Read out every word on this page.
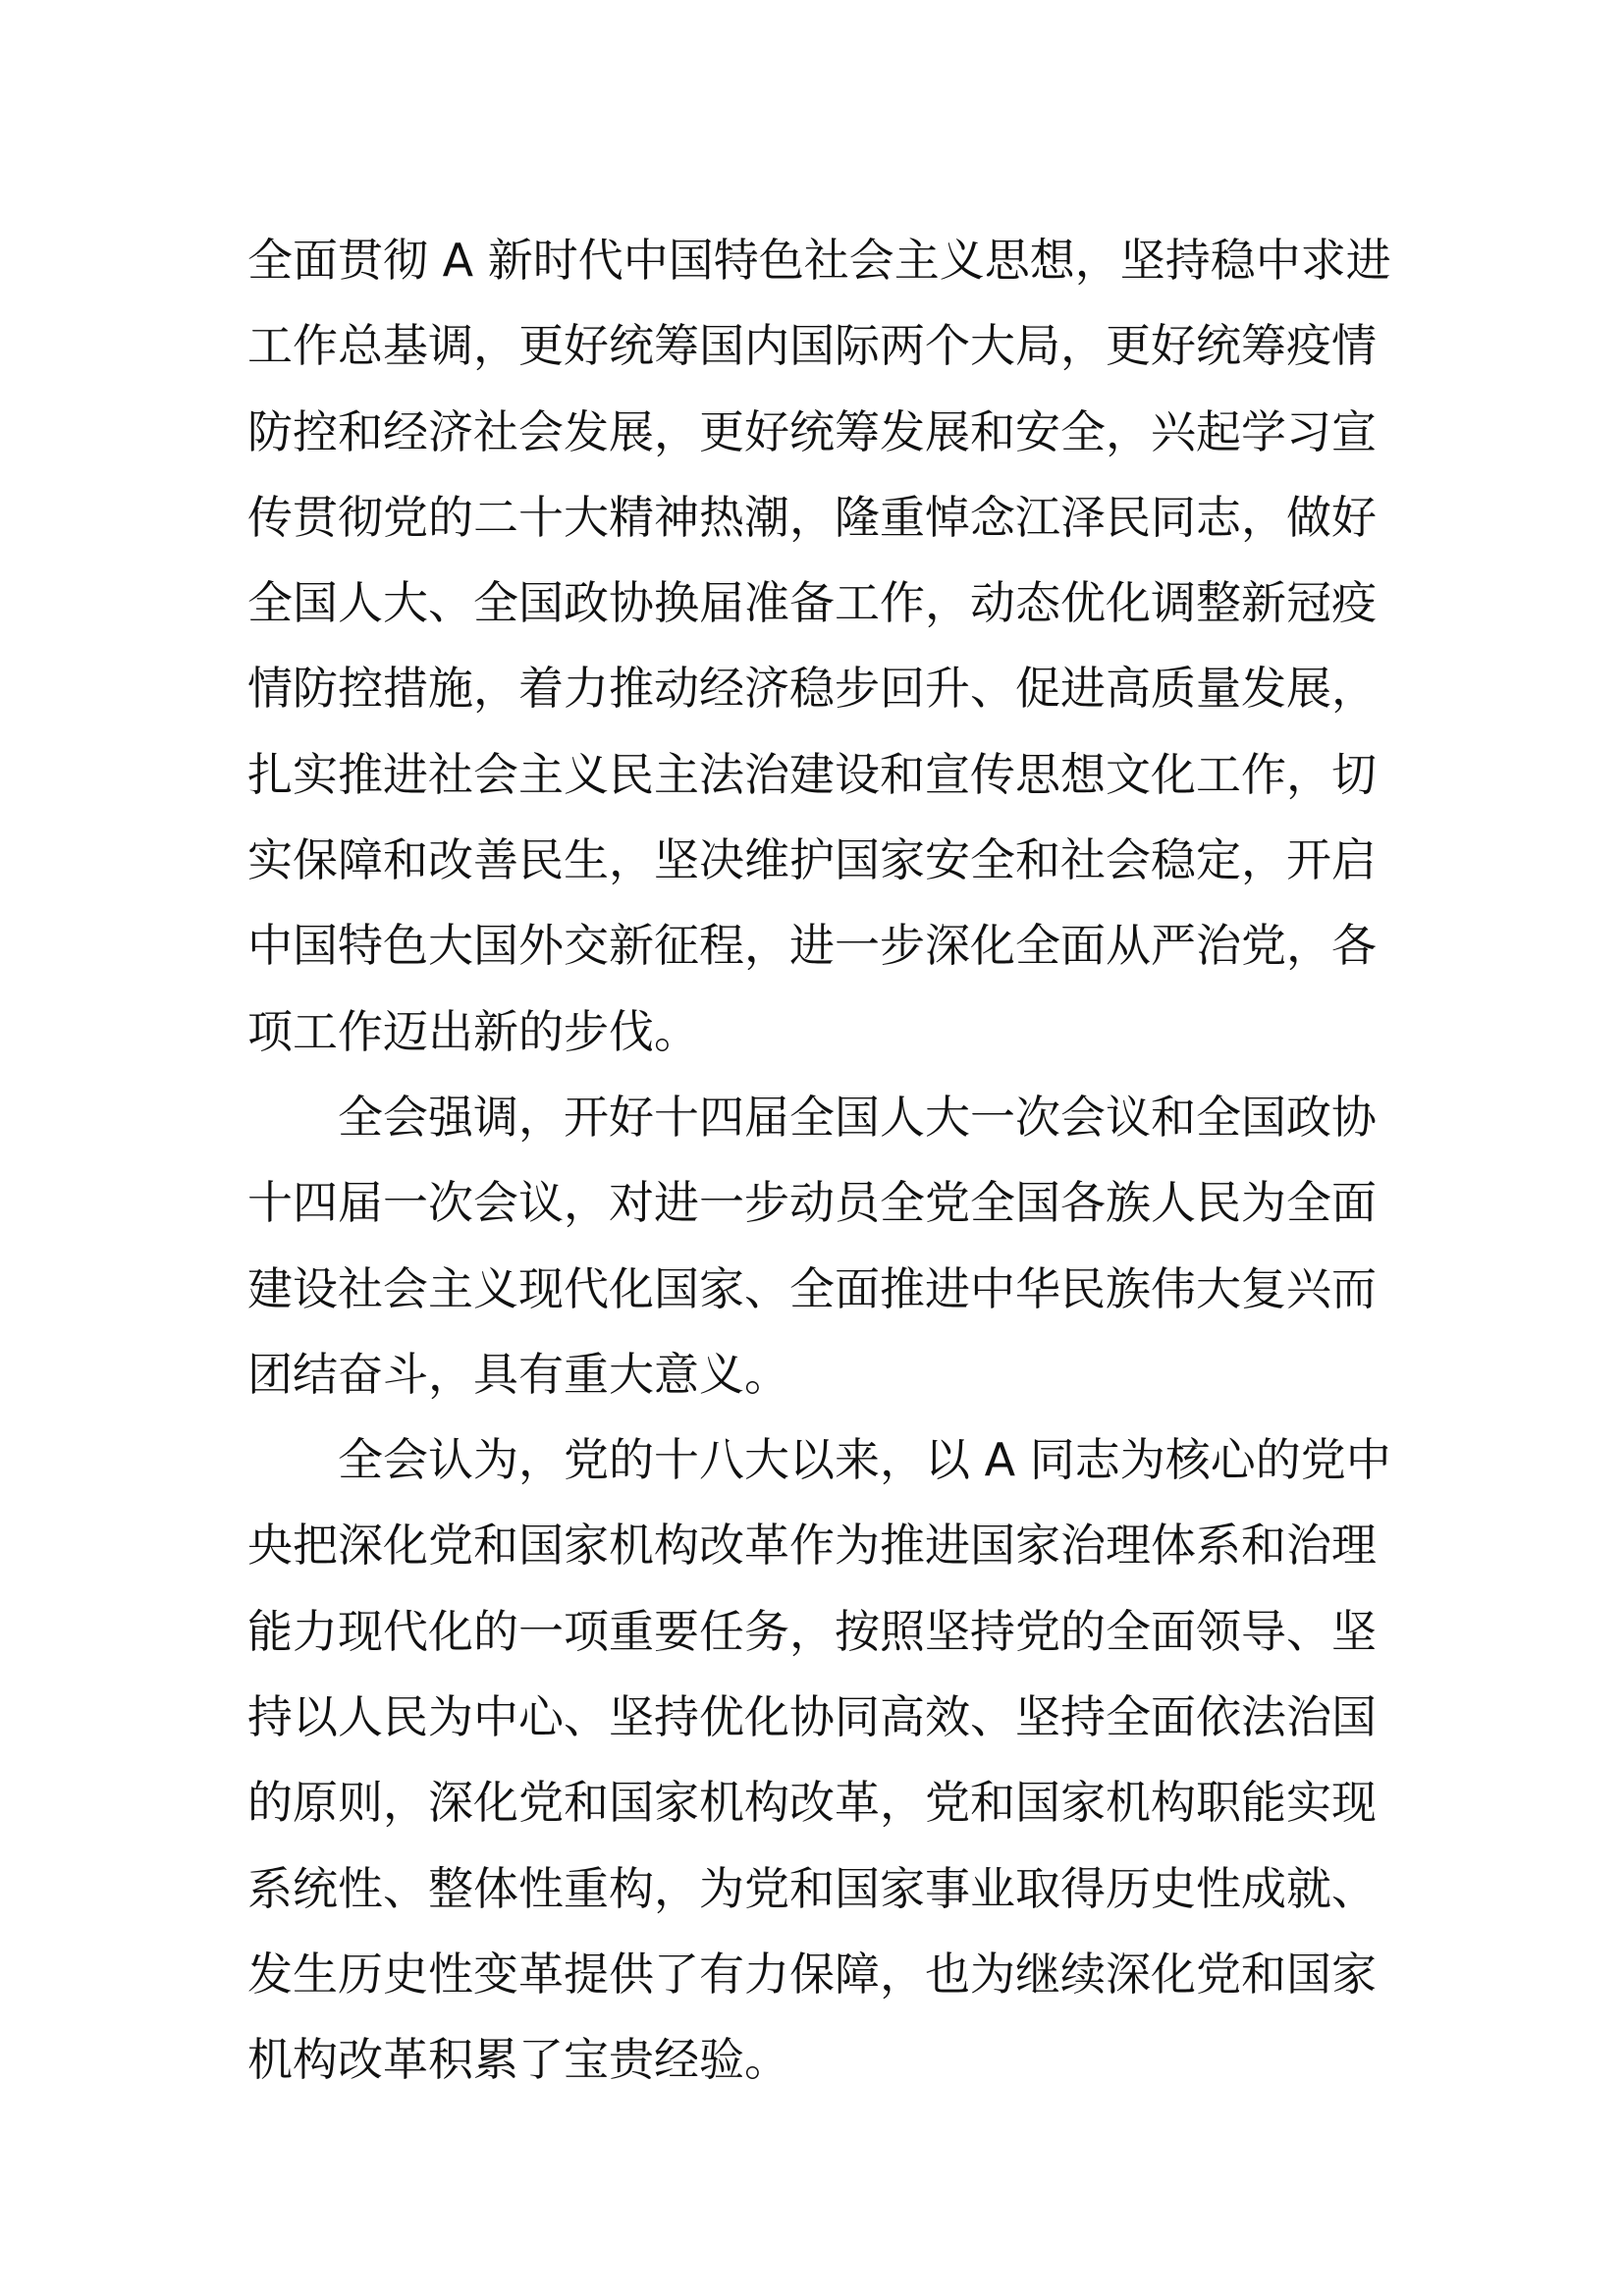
全面贯彻 A 新时代中国特色社会主义思想，坚持稳中求进
工作总基调，更好统筹国内国际两个大局，更好统筹疫情
防控和经济社会发展，更好统筹发展和安全，兴起学习宣
传贯彻党的二十大精神热潮，隆重悼念江泽民同志，做好
全国人大、全国政协换届准备工作，动态优化调整新冠疫
情防控措施，着力推动经济稳步回升、促进高质量发展，
扎实推进社会主义民主法治建设和宣传思想文化工作，切
实保障和改善民生，坚决维护国家安全和社会稳定，开启
中国特色大国外交新征程，进一步深化全面从严治党，各
项工作迈出新的步伐。
全会强调，开好十四届全国人大一次会议和全国政协
十四届一次会议，对进一步动员全党全国各族人民为全面
建设社会主义现代化国家、全面推进中华民族伟大复兴而
团结奋斗，具有重大意义。
全会认为，党的十八大以来，以 A 同志为核心的党中
央把深化党和国家机构改革作为推进国家治理体系和治理
能力现代化的一项重要任务，按照坚持党的全面领导、坚
持以人民为中心、坚持优化协同高效、坚持全面依法治国
的原则，深化党和国家机构改革，党和国家机构职能实现
系统性、整体性重构，为党和国家事业取得历史性成就、
发生历史性变革提供了有力保障，也为继续深化党和国家
机构改革积累了宝贵经验。
